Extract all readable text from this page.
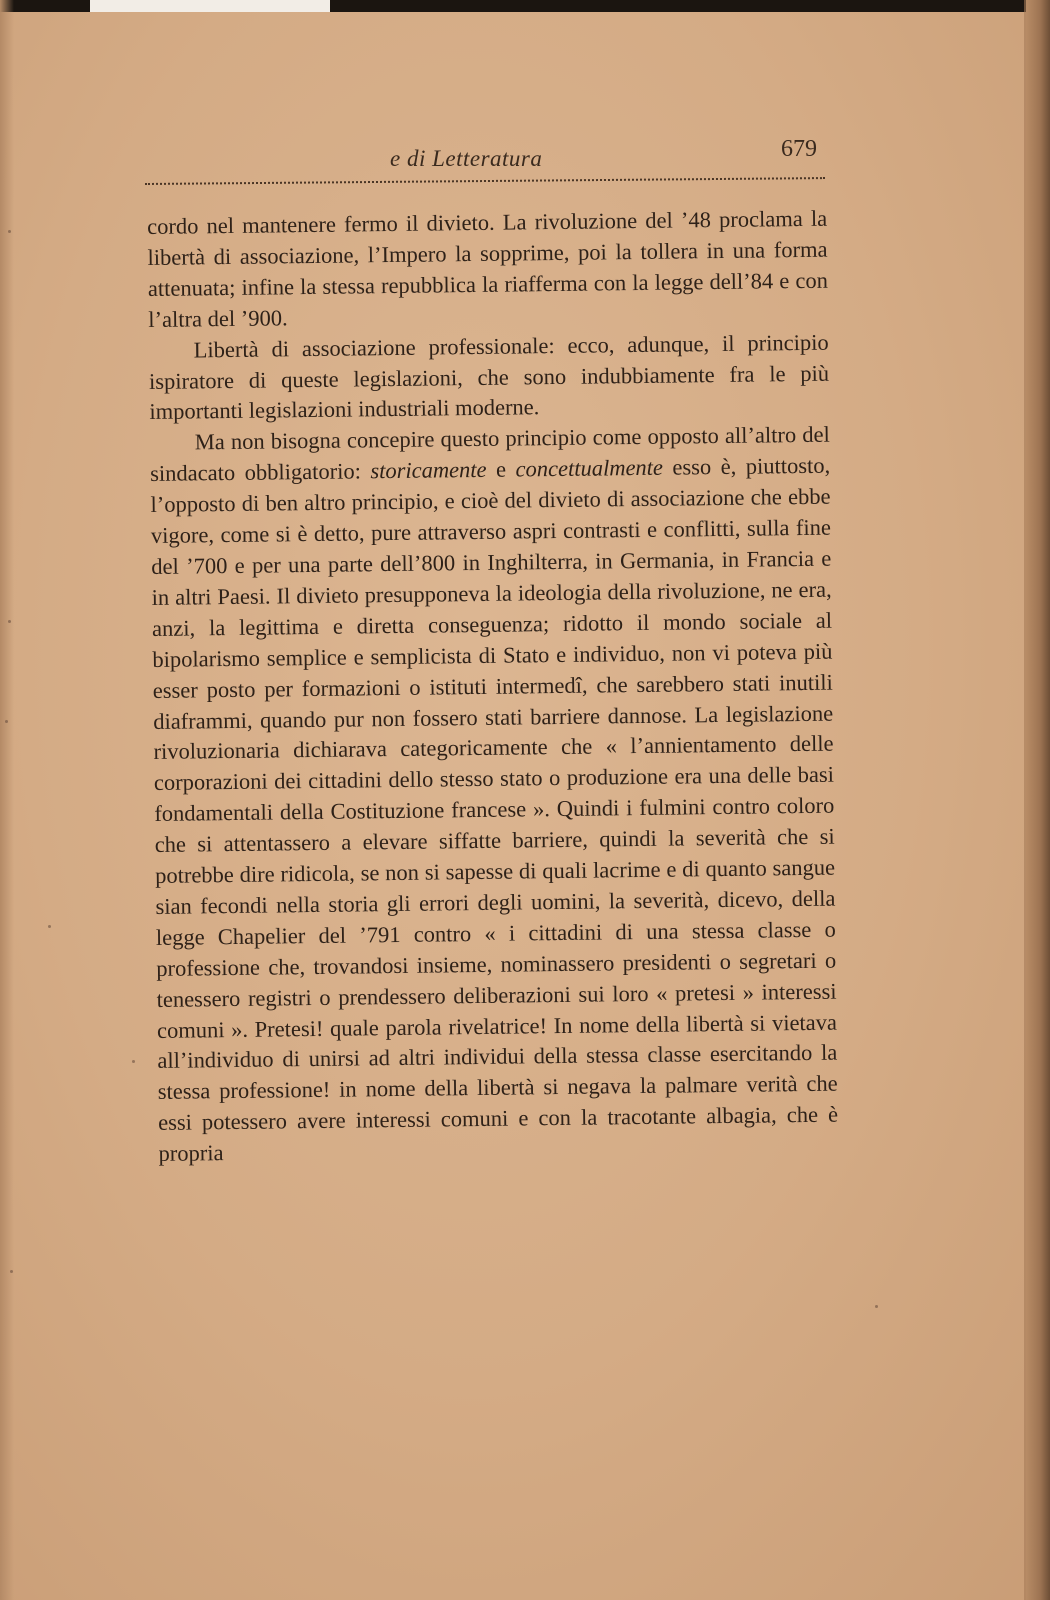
e di Letteratura	679

cordo nel mantenere fermo il divieto. La rivoluzione del ’48 proclama la libertà di associazione, l’Impero la sopprime, poi la tollera in una forma attenuata; infine la stessa repubblica la riafferma con la legge dell’84 e con l’altra del ’900.

Libertà di associazione professionale: ecco, adunque, il principio ispiratore di queste legislazioni, che sono indubbiamente fra le più importanti legislazioni industriali moderne.

Ma non bisogna concepire questo principio come opposto all’altro del sindacato obbligatorio: storicamente e concettualmente esso è, piuttosto, l’opposto di ben altro principio, e cioè del divieto di associazione che ebbe vigore, come si è detto, pure attraverso aspri contrasti e conflitti, sulla fine del ’700 e per una parte dell’800 in Inghilterra, in Germania, in Francia e in altri Paesi. Il divieto presupponeva la ideologia della rivoluzione, ne era, anzi, la legittima e diretta conseguenza; ridotto il mondo sociale al bipolarismo semplice e semplicista di Stato e individuo, non vi poteva più esser posto per formazioni o istituti intermedî, che sarebbero stati inutili diaframmi, quando pur non fossero stati barriere dannose. La legislazione rivoluzionaria dichiarava categoricamente che « l’annientamento delle corporazioni dei cittadini dello stesso stato o produzione era una delle basi fondamentali della Costituzione francese ». Quindi i fulmini contro coloro che si attentassero a elevare siffatte barriere, quindi la severità che si potrebbe dire ridicola, se non si sapesse di quali lacrime e di quanto sangue sian fecondi nella storia gli errori degli uomini, la severità, dicevo, della legge Chapelier del ’791 contro « i cittadini di una stessa classe o professione che, trovandosi insieme, nominassero presidenti o segretari o tenessero registri o prendessero deliberazioni sui loro « pretesi » interessi comuni ». Pretesi! quale parola rivelatrice! In nome della libertà si vietava all’individuo di unirsi ad altri individui della stessa classe esercitando la stessa professione! in nome della libertà si negava la palmare verità che essi potessero avere interessi comuni e con la tracotante albagia, che è propria
